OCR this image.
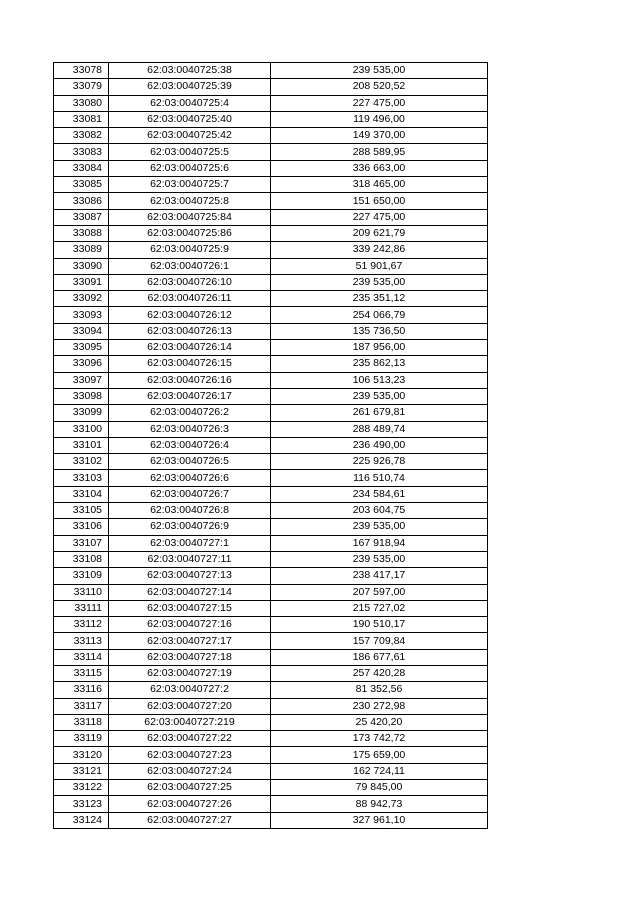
33078	62:03:0040725:38	239 535,00
33079	62:03:0040725:39	208 520,52
33080	62:03:0040725:4	227 475,00
33081	62:03:0040725:40	119 496,00
33082	62:03:0040725:42	149 370,00
33083	62:03:0040725:5	288 589,95
33084	62:03:0040725:6	336 663,00
33085	62:03:0040725:7	318 465,00
33086	62:03:0040725:8	151 650,00
33087	62:03:0040725:84	227 475,00
33088	62:03:0040725:86	209 621,79
33089	62:03:0040725:9	339 242,86
33090	62:03:0040726:1	51 901,67
33091	62:03:0040726:10	239 535,00
33092	62:03:0040726:11	235 351,12
33093	62:03:0040726:12	254 066,79
33094	62:03:0040726:13	135 736,50
33095	62:03:0040726:14	187 956,00
33096	62:03:0040726:15	235 862,13
33097	62:03:0040726:16	106 513,23
33098	62:03:0040726:17	239 535,00
33099	62:03:0040726:2	261 679,81
33100	62:03:0040726:3	288 489,74
33101	62:03:0040726:4	236 490,00
33102	62:03:0040726:5	225 926,78
33103	62:03:0040726:6	116 510,74
33104	62:03:0040726:7	234 584,61
33105	62:03:0040726:8	203 604,75
33106	62:03:0040726:9	239 535,00
33107	62:03:0040727:1	167 918,94
33108	62:03:0040727:11	239 535,00
33109	62:03:0040727:13	238 417,17
33110	62:03:0040727:14	207 597,00
33111	62:03:0040727:15	215 727,02
33112	62:03:0040727:16	190 510,17
33113	62:03:0040727:17	157 709,84
33114	62:03:0040727:18	186 677,61
33115	62:03:0040727:19	257 420,28
33116	62:03:0040727:2	81 352,56
33117	62:03:0040727:20	230 272,98
33118	62:03:0040727:219	25 420,20
33119	62:03:0040727:22	173 742,72
33120	62:03:0040727:23	175 659,00
33121	62:03:0040727:24	162 724,11
33122	62:03:0040727:25	79 845,00
33123	62:03:0040727:26	88 942,73
33124	62:03:0040727:27	327 961,10
